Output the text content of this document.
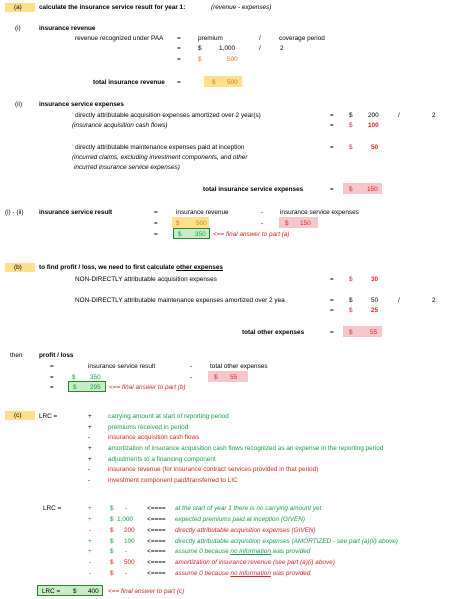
(a)	calculate the insurance service result for year 1:	(revenue - expenses)
(i)	insurance revenue
revenue recognized under PAA =	premium	/	coverage period
=	$	1,000	/	2
=	$	500
total insurance revenue =	$ 500
(ii)	insurance service expenses
directly attributable acquisition expenses amortized over 2 year(s)	= $ 200	/	2
(insurance acquisition cash flows)	= $ 100
directly attributable maintenance expenses paid at inception	= $	50
(incurred claims, excluding investment components, and other
incurred insurance service expenses)
total insurance service expenses	= $ 150
(i) - (ii) insurance service result	=	insurance revenue	-	insurance service expenses
=	$	500	-	$ 150
=	$ 350 <== final answer to part (a)
(b)	to find profit / loss, we need to first calculate other expenses
NON-DIRECTLY attributable acquisition expenses	= $	30
NON-DIRECTLY attributable maintenance expenses amortized over 2 yea	= $	50	/	2
= $	25
total other expenses	= $	55
then	profit / loss
=	insurance service result	-	total other expenses
=	$ 350	-	$ 55
=	$ 295 <== final answer to part (b)
(c)	LRC =	+	carrying amount at start of reporting period
+	premiums received in period
-	insurance acquisition cash flows
+	amortization of insurance acquisition cash flows recognized as an expense in the reporting period
+	adjustments to a financing component
-	insurance revenue (for insurance contract services provided in that period)
-	investment component paid/transferred to LIC
LRC =	+	$ -	<==== at the start of year 1 there is no carrying amount yet
+	$ 1,000 <==== expected premiums paid at inception (GIVEN)
-	$ 200 <==== directly attributable acquisition expenses (GIVEN)
+	$ 100 <==== directly attributable acquisition expenses (AMORTIZED - see part (a)(ii) above)
+	$ -	<==== assume 0 because no information was provided
-	$ 500 <==== amortization of insurance revenue (see part (a)(i) above)
-	$ -	<==== assume 0 because no information was provided
LRC = $ 400 <== final answer to part (c)
